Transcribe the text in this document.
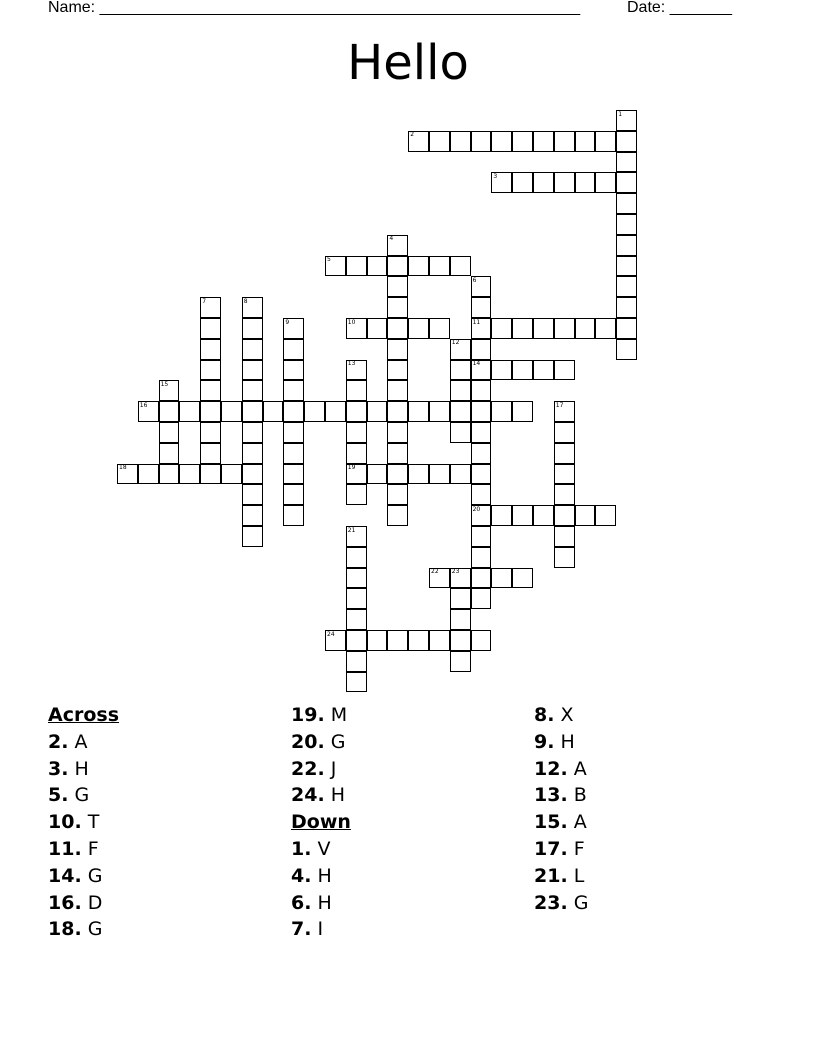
Name: ______________________________________________________	Date: _______
Hello
1
2
3
4
5
6
7	8
9	10	11
12
13	14
15
16	17
18	19
20
21
22 23
24
Across
2. A
3. H
5. G
10. T
11. F
14. G
16. D
18. G
19. M
20. G
22. J
24. H
Down
1. V
4. H
6. H
7. I
8. X
9. H
12. A
13. B
15. A
17. F
21. L
23. G
